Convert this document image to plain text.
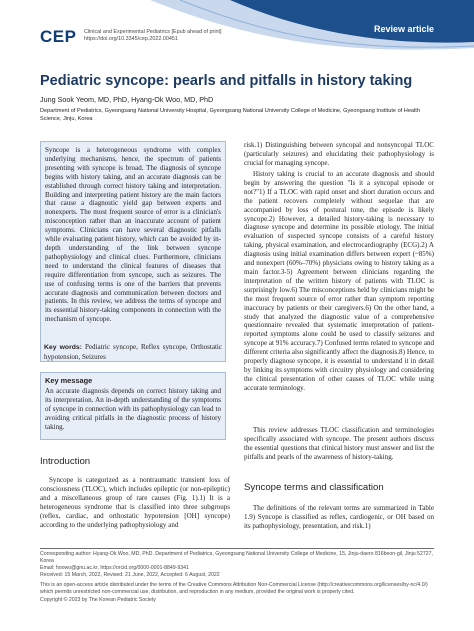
CEP Clinical and Experimental Pediatrics [Epub ahead of print]
https://doi.org/10.3345/cep.2022.00451
Review article
Pediatric syncope: pearls and pitfalls in history taking
Jung Sook Yeom, MD, PhD, Hyang-Ok Woo, MD, PhD
Department of Pediatrics, Gyeongsang National University Hospital, Gyeongsang National University College of Medicine, Gyeongsang Institute of Health Science, Jinju, Korea

Syncope is a heterogeneous syndrome with complex underlying mechanisms, hence, the spectrum of patients presenting with syncope is broad. The diagnosis of syncope begins with history taking, and an accurate diagnosis can be established through correct history taking and interpretation. Building and interpreting patient history are the main factors that cause a diagnostic yield gap between experts and nonexperts. The most frequent source of error is a clinician's misconception rather than an inaccurate account of patient symptoms. Clinicians can have several diagnostic pitfalls while evaluating patient history, which can be avoided by in-depth understanding of the link between syncope pathophysiology and clinical clues. Furthermore, clinicians need to understand the clinical features of diseases that require differentiation from syncope, such as seizures. The use of confusing terms is one of the barriers that prevents accurate diagnosis and communication between doctors and patients. In this review, we address the terms of syncope and its essential history-taking components in connection with the mechanism of syncope.

Key words: Pediatric syncope, Reflex syncope, Orthostatic hypotension, Seizures
Key message

An accurate diagnosis depends on correct history taking and its interpretation. An in-depth understanding of the symptoms of syncope in connection with its pathophysiology can lead to avoiding critical pitfalls in the diagnostic process of history taking.

Introduction

Syncope is categorized as a nontraumatic transient loss of consciousness (TLOC), which includes epileptic (or non-epileptic) and a miscellaneous group of rare causes (Fig. 1).1) It is a heterogeneous syndrome that is classified into three subgroups (reflex, cardiac, and orthostatic hypotension [OH] syncope) according to the underlying pathophysiology and

risk.1) Distinguishing between syncopal and nonsyncopal TLOC (particularly seizures) and elucidating their pathophysiology is crucial for managing syncope.

History taking is crucial to an accurate diagnosis and should begin by answering the question "Is it a syncopal episode or not?"1) If a TLOC with rapid onset and short duration occurs and the patient recovers completely without sequelae that are accompanied by loss of postural tone, the episode is likely syncope.2) However, a detailed history-taking is necessary to diagnose syncope and determine its possible etiology. The initial evaluation of suspected syncope consists of a careful history taking, physical examination, and electrocardiography (ECG).2) A diagnosis using initial examination differs between expert (~85%) and nonexpert (60%–70%) physicians owing to history taking as a main factor.3-5) Agreement between clinicians regarding the interpretation of the written history of patients with TLOC is surprisingly low.6) The misconceptions held by clinicians might be the most frequent source of error rather than symptom reporting inaccuracy by patients or their caregivers.6) On the other hand, a study that analyzed the diagnostic value of a comprehensive questionnaire revealed that systematic interpretation of patient-reported symptoms alone could be used to classify seizures and syncope at 91% accuracy.7) Confused terms related to syncope and different criteria also significantly affect the diagnosis.8) Hence, to properly diagnose syncope, it is essential to understand it in detail by linking its symptoms with circuitry physiology and considering the clinical presentation of other causes of TLOC while using accurate terminology.

This review addresses TLOC classification and terminologies specifically associated with syncope. The present authors discuss the essential questions that clinical history must answer and list the pitfalls and pearls of the awareness of history-taking.

Syncope terms and classification

The definitions of the relevant terms are summarized in Table 1.9) Syncope is classified as reflex, cardiogenic, or OH based on its pathophysiology, presentation, and risk.1)

Corresponding author: Hyang-Ok Woo, MD, PhD. Department of Pediatrics, Gyeongsang National University College of Medicine, 15, Jinju-daero 816beon-gil, Jinju 52727, Korea

Email: hoowo@gnu.ac.kr, https://orcid.org/0000-0001-8849-9341

Received: 15 March, 2022, Revised: 21 June, 2022, Accepted: 6 August, 2022

This is an open-access article distributed under the terms of the Creative Commons Attribution Non-Commercial License (http://creativecommons.org/licenses/by-nc/4.0/) which permits unrestricted non-commercial use, distribution, and reproduction in any medium, provided the original work is properly cited.

Copyright © 2023 by The Korean Pediatric Society
